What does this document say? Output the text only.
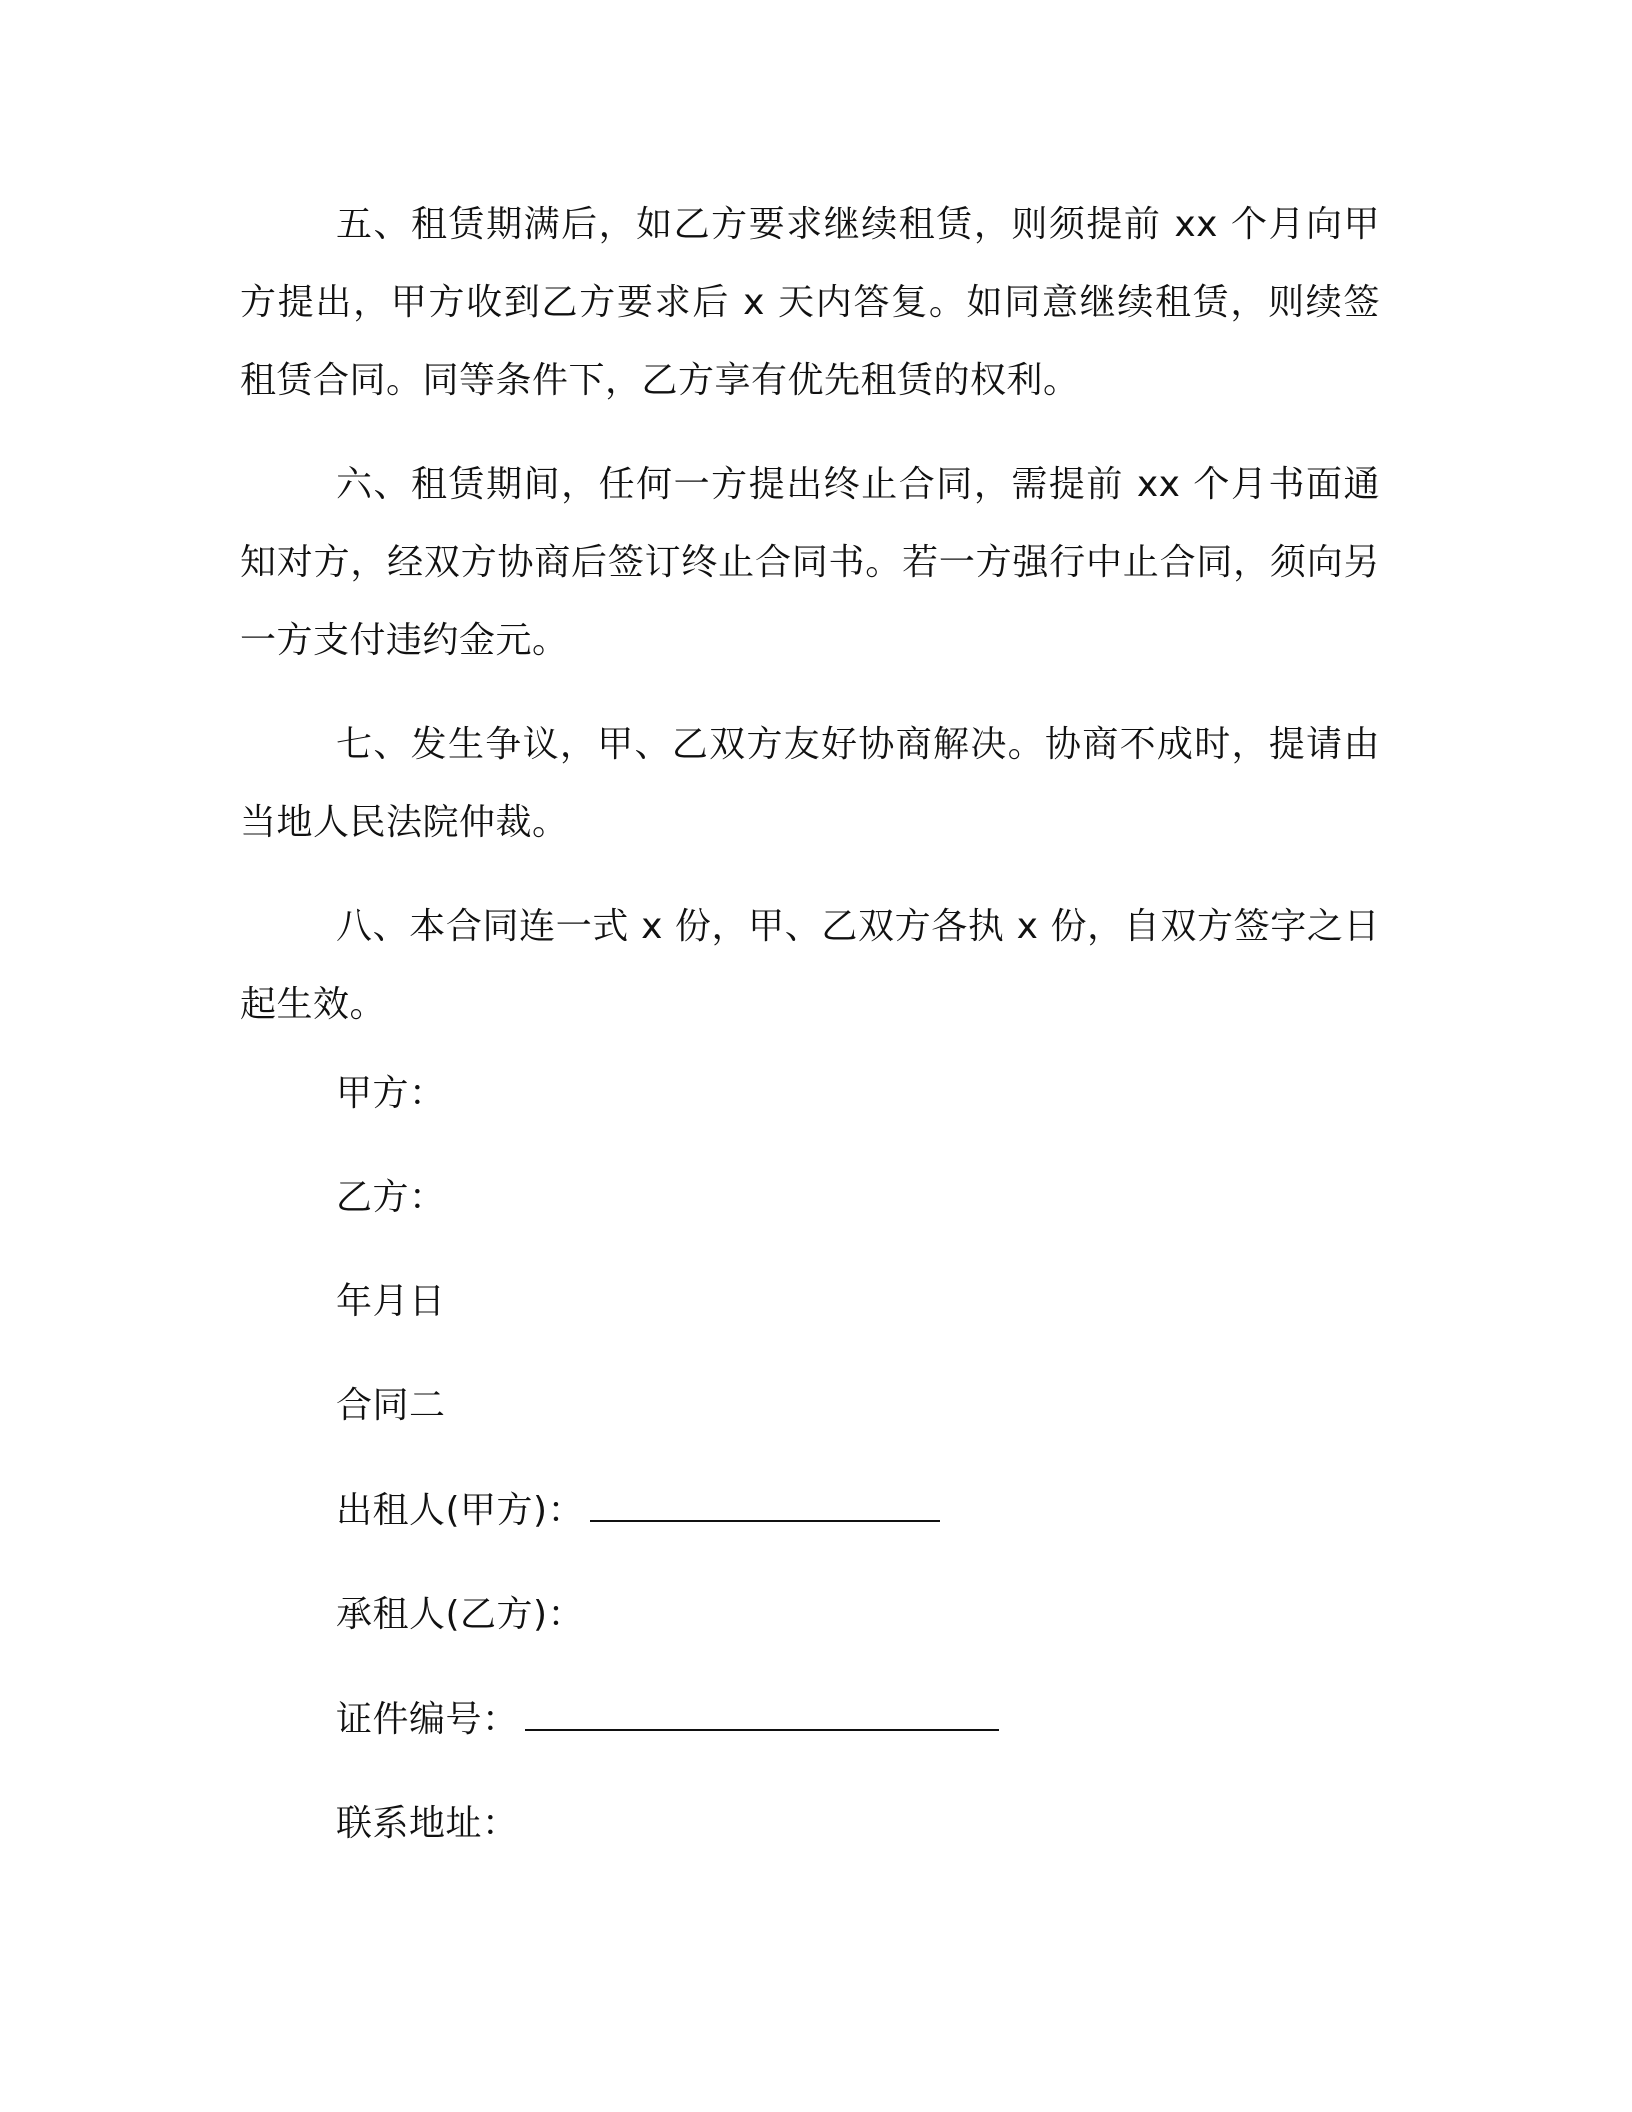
五、租赁期满后，如乙方要求继续租赁，则须提前 xx 个月向甲方提出，甲方收到乙方要求后 x 天内答复。如同意继续租赁，则续签租赁合同。同等条件下，乙方享有优先租赁的权利。

六、租赁期间，任何一方提出终止合同，需提前 xx 个月书面通知对方，经双方协商后签订终止合同书。若一方强行中止合同，须向另一方支付违约金元。

七、发生争议，甲、乙双方友好协商解决。协商不成时，提请由当地人民法院仲裁。

八、本合同连一式 x 份，甲、乙双方各执 x 份，自双方签字之日起生效。

甲方：
乙方：
年月日
合同二
出租人(甲方)：
承租人(乙方)：
证件编号：
联系地址：
